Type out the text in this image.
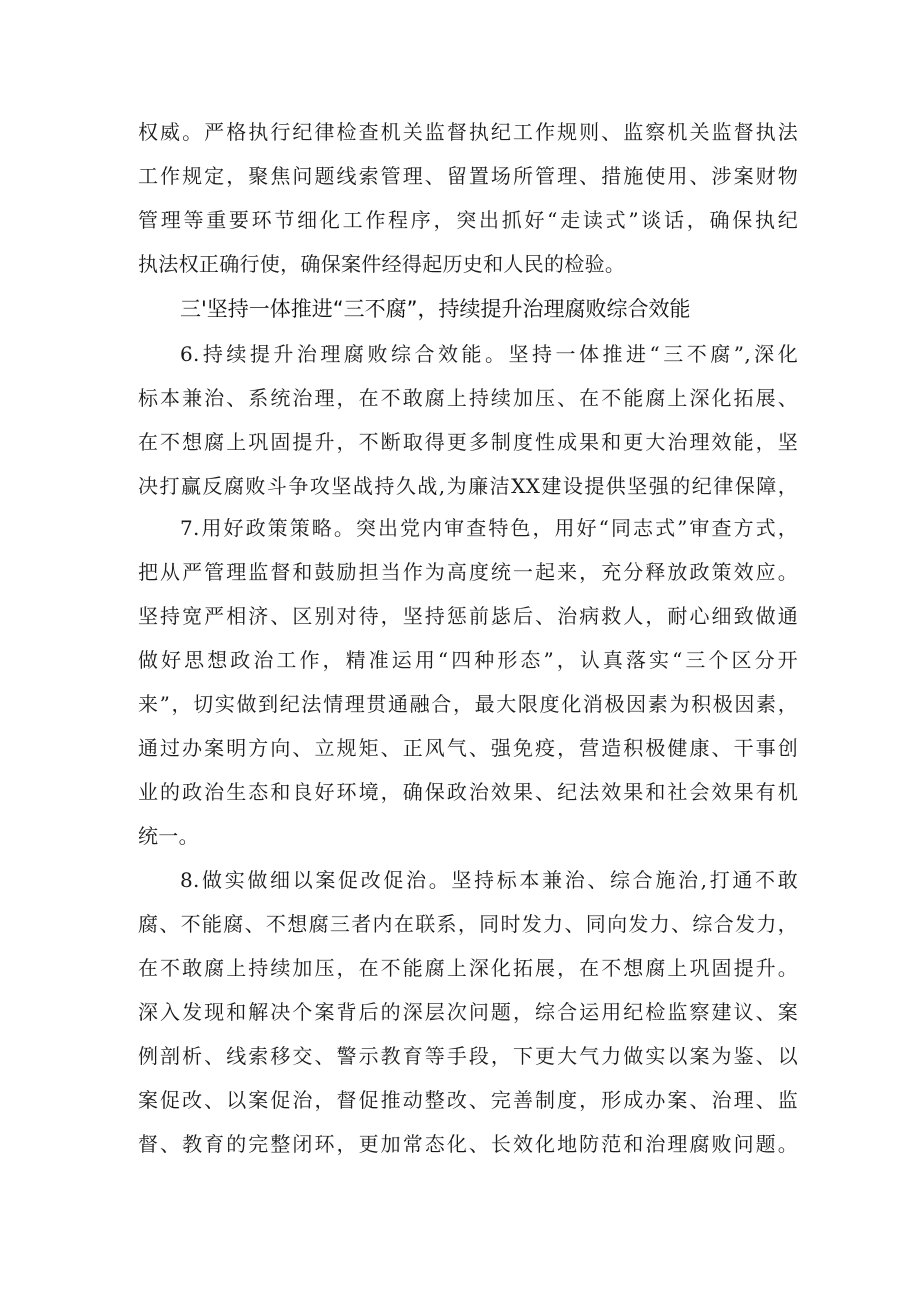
权威。严格执行纪律检查机关监督执纪工作规则、监察机关监督执法
工作规定，聚焦问题线索管理、留置场所管理、措施使用、涉案财物
管理等重要环节细化工作程序，突出抓好“走读式”谈话，确保执纪
执法权正确行使，确保案件经得起历史和人民的检验。
三'坚持一体推进“三不腐”，持续提升治理腐败综合效能
6.持续提升治理腐败综合效能。坚持一体推进“三不腐”,深化
标本兼治、系统治理，在不敢腐上持续加压、在不能腐上深化拓展、
在不想腐上巩固提升，不断取得更多制度性成果和更大治理效能，坚
决打赢反腐败斗争攻坚战持久战,为廉洁XX建设提供坚强的纪律保障，
7.用好政策策略。突出党内审查特色，用好“同志式”审查方式，
把从严管理监督和鼓励担当作为高度统一起来，充分释放政策效应。
坚持宽严相济、区别对待，坚持惩前毖后、治病救人，耐心细致做通
做好思想政治工作，精准运用“四种形态”，认真落实“三个区分开
来”，切实做到纪法情理贯通融合，最大限度化消极因素为积极因素，
通过办案明方向、立规矩、正风气、强免疫，营造积极健康、干事创
业的政治生态和良好环境，确保政治效果、纪法效果和社会效果有机
统一。
8.做实做细以案促改促治。坚持标本兼治、综合施治,打通不敢
腐、不能腐、不想腐三者内在联系，同时发力、同向发力、综合发力，
在不敢腐上持续加压，在不能腐上深化拓展，在不想腐上巩固提升。
深入发现和解决个案背后的深层次问题，综合运用纪检监察建议、案
例剖析、线索移交、警示教育等手段，下更大气力做实以案为鉴、以
案促改、以案促治，督促推动整改、完善制度，形成办案、治理、监
督、教育的完整闭环，更加常态化、长效化地防范和治理腐败问题。
